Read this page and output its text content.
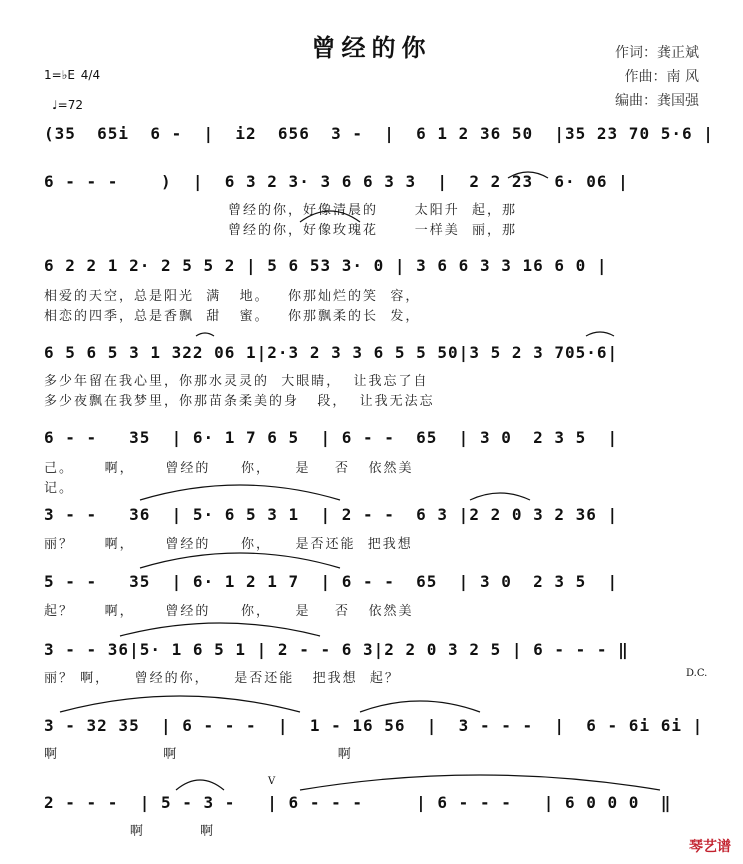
曾经的你	作词：龚正斌
作曲：南 风
编曲：龚国强
1=♭E 4/4
♩=72
(35  65i  6 -  |  i2  656  3 -  |  6 1 2 36 50  |35 23 70 5·6 |
6 - - -    )  |  6 3 2 3· 3 6 6 3 3  |  2 2 23  6· 06 |
曾经的你，好像清晨的      太阳升  起，那
曾经的你，好像玫瑰花      一样美  丽，那
6 2 2 1 2· 2 5 5 2 | 5 6 53 3· 0 | 3 6 6 3 3 16 6 0 |
相爱的天空，总是阳光  满   地。   你那灿烂的笑  容，
相恋的四季，总是香飘  甜   蜜。   你那飘柔的长  发，
6 5 6 5 3 1 322 06 1|2·3 2 3 3 6 5 5 50|3 5 2 3 705·6|
多少年留在我心里，你那水灵灵的  大眼睛，  让我忘了自
多少夜飘在我梦里，你那苗条柔美的身   段，  让我无法忘
6 - -   35  | 6· 1 7 6 5  | 6 - -  65  | 3 0  2 3 5  |
己。     啊，     曾经的     你，    是    否   依然美
记。
3 - -   36  | 5· 6 5 3 1  | 2 - -  6 3 |2 2 0 3 2 36 |
丽？     啊，     曾经的     你，    是否还能  把我想
5 - -   35  | 6· 1 2 1 7  | 6 - -  65  | 3 0  2 3 5  |
起？     啊，     曾经的     你，    是    否   依然美
3 - - 36|5· 1 6 5 1 | 2 - - 6 3|2 2 0 3 2 5 | 6 - - - ‖
丽？ 啊，    曾经的你，    是否还能   把我想  起？	D.C.
3 - 32 35  | 6 - - -  |  1 - 16 56  |  3 - - -  |  6 - 6i 6i |
啊                 啊                          啊
2 - - -  | 5 - 3 -   | 6 - - -     | 6 - - -   | 6 0 0 0  ‖
啊         啊
V
琴艺谱
